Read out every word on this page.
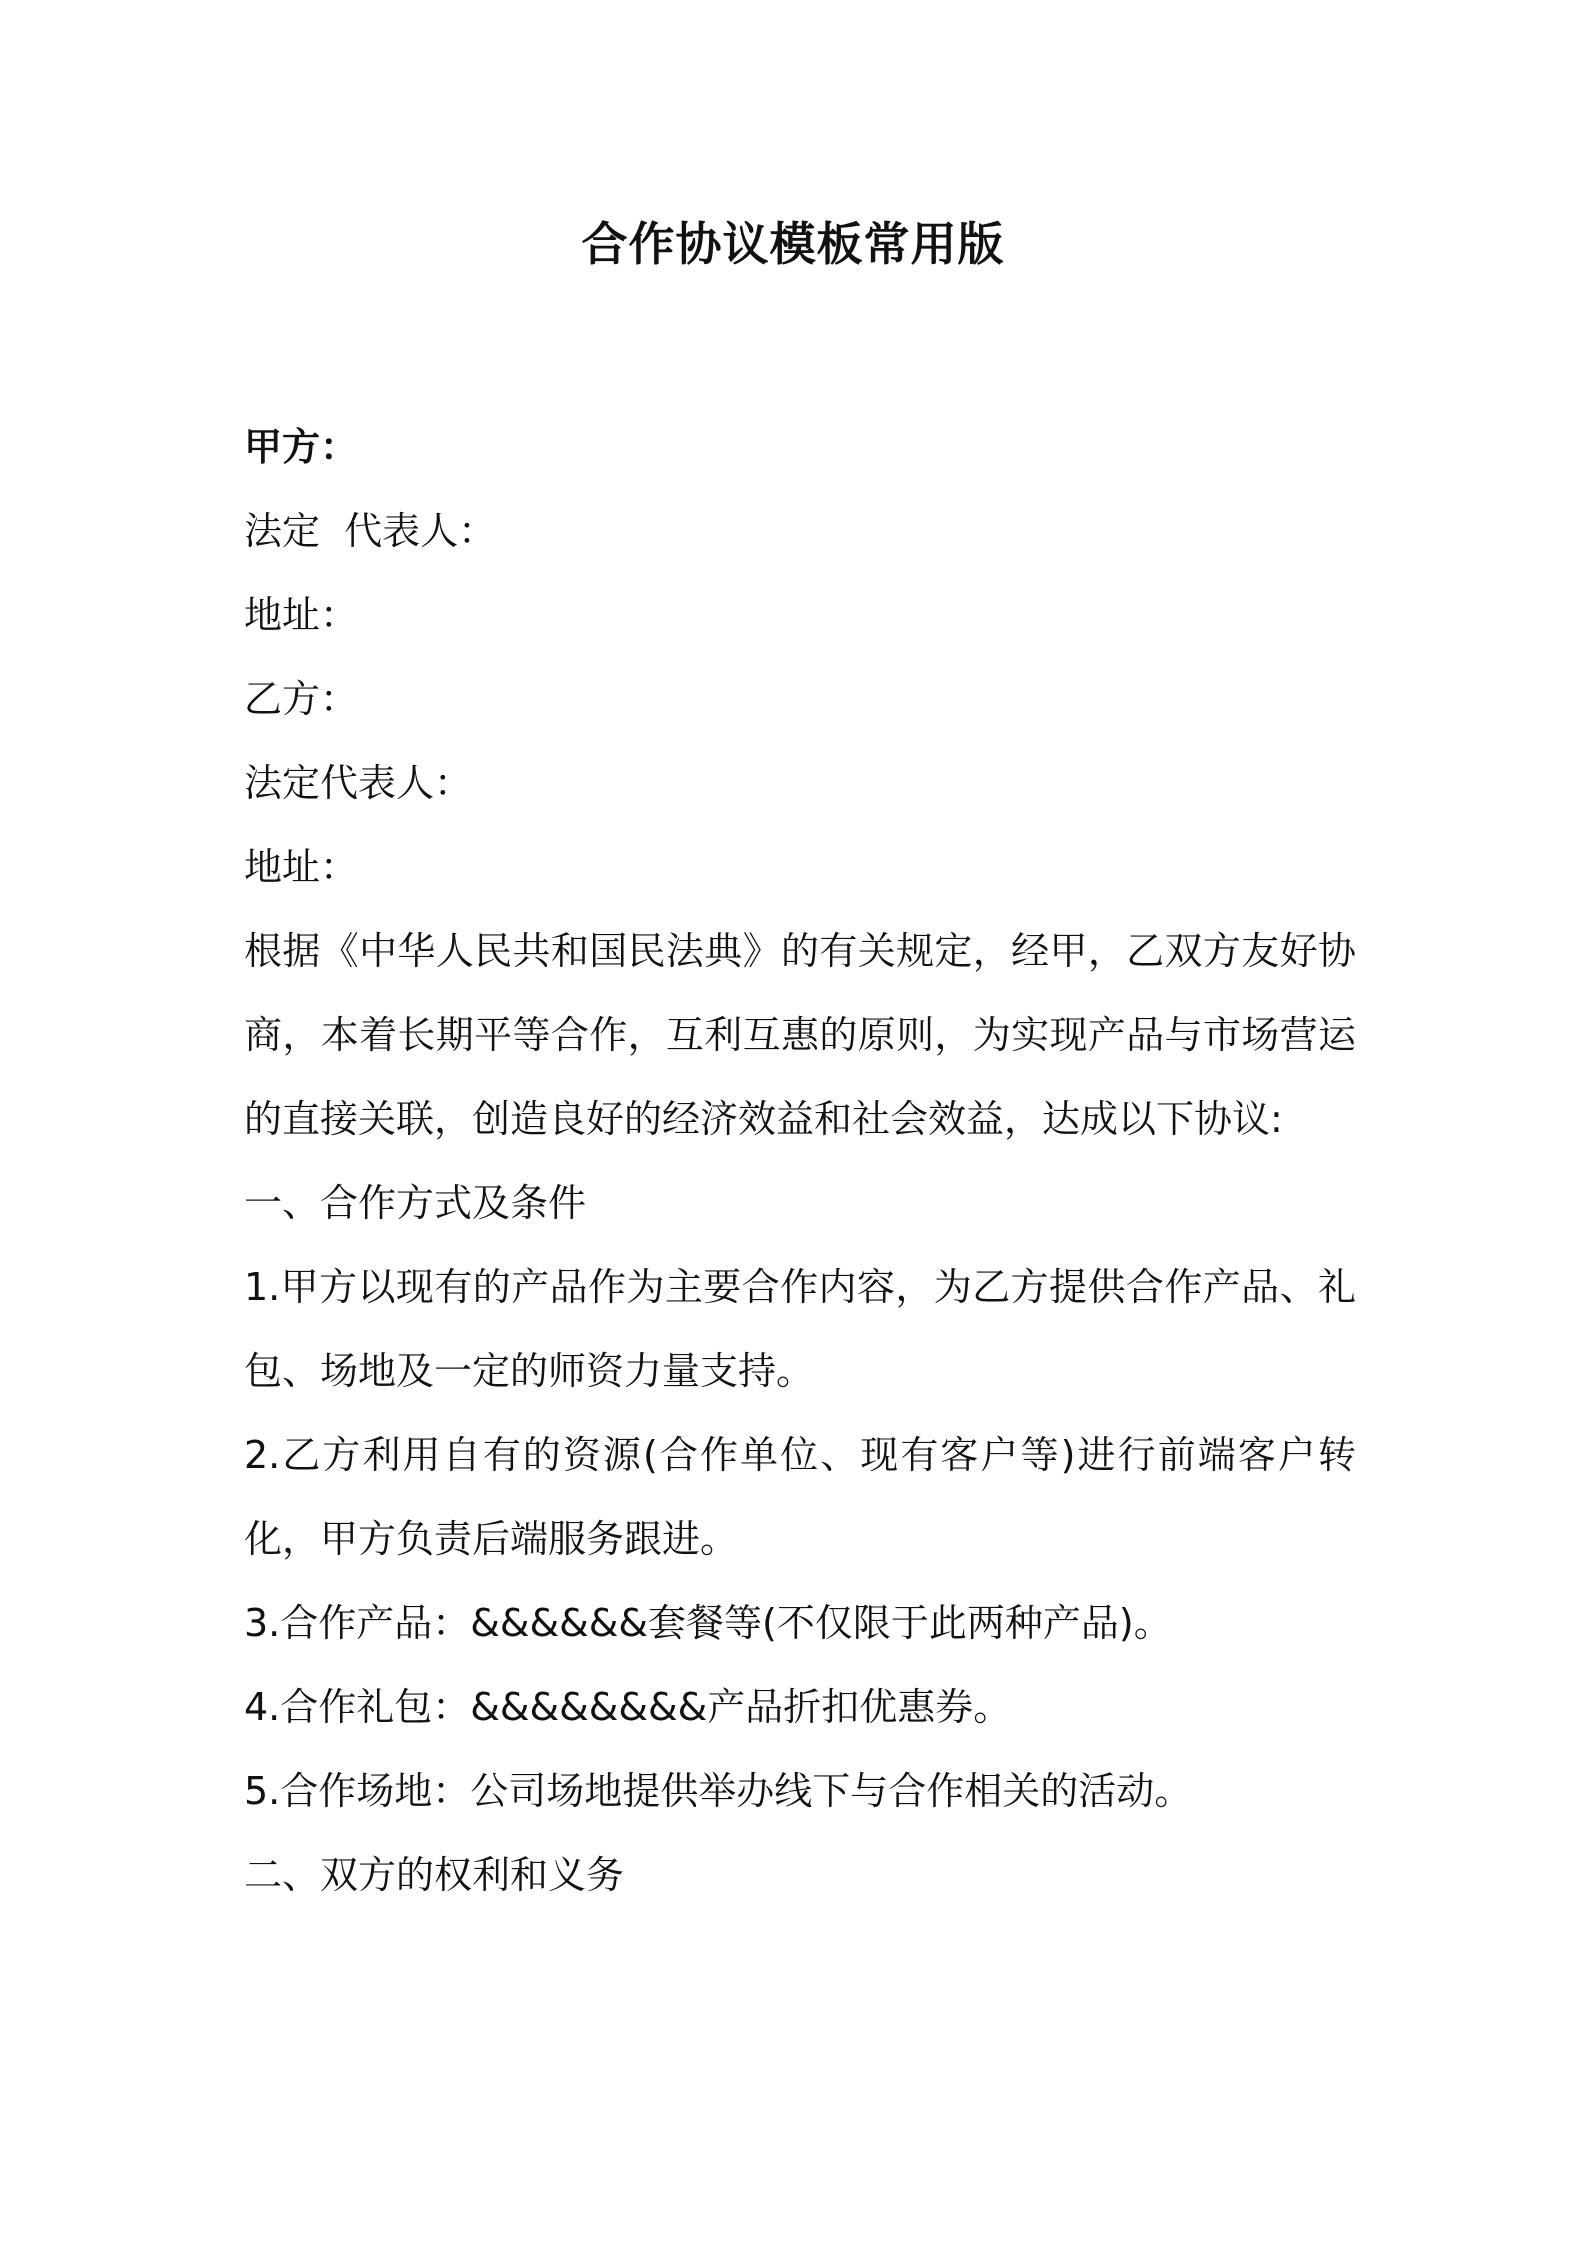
合作协议模板常用版
甲方：
法定  代表人：
地址：
乙方：
法定代表人：
地址：
根据《中华人民共和国民法典》的有关规定，经甲，乙双方友好协商，本着长期平等合作，互利互惠的原则，为实现产品与市场营运的直接关联，创造良好的经济效益和社会效益，达成以下协议:
一、合作方式及条件
1.甲方以现有的产品作为主要合作内容，为乙方提供合作产品、礼包、场地及一定的师资力量支持。
2.乙方利用自有的资源(合作单位、现有客户等)进行前端客户转化，甲方负责后端服务跟进。
3.合作产品：&&&&&&套餐等(不仅限于此两种产品)。
4.合作礼包：&&&&&&&&产品折扣优惠券。
5.合作场地：公司场地提供举办线下与合作相关的活动。
二、双方的权利和义务
